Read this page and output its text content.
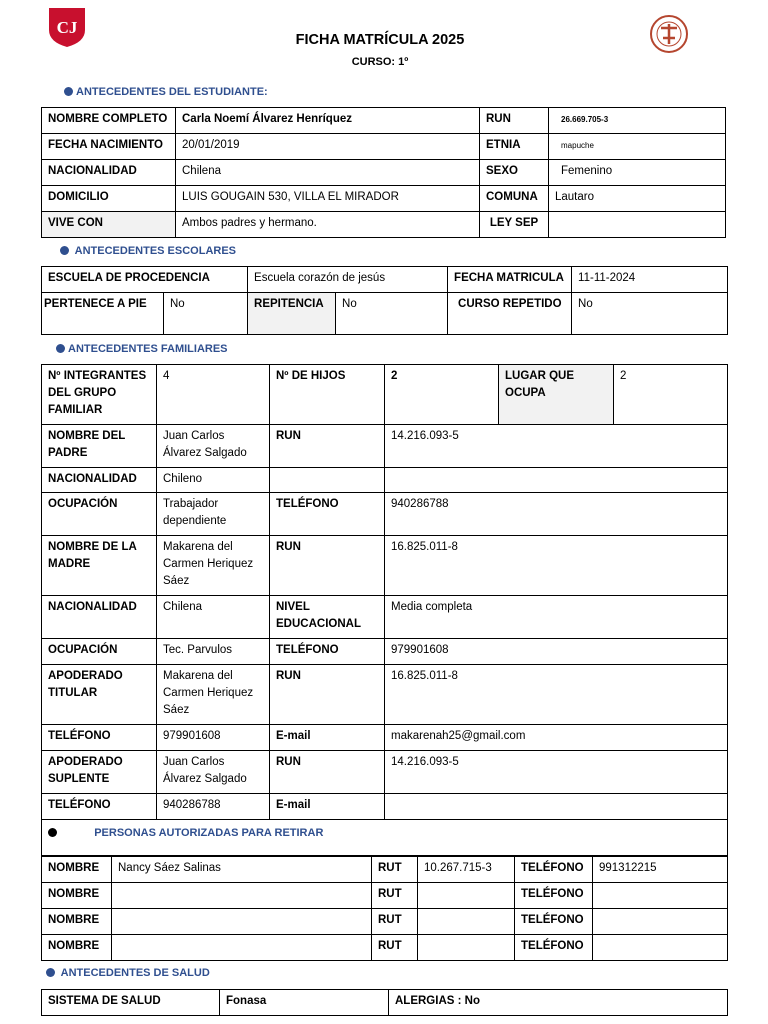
CJ
FICHA MATRÍCULA 2025
CURSO: 1º
ANTECEDENTES DEL ESTUDIANTE:
NOMBRE COMPLETO	Carla Noemí Álvarez Henríquez	RUN	26.669.705-3
FECHA NACIMIENTO	20/01/2019	ETNIA	mapuche
NACIONALIDAD	Chilena	SEXO	Femenino
DOMICILIO	LUIS GOUGAIN 530, VILLA EL MIRADOR	COMUNA	Lautaro
VIVE CON	Ambos padres y hermano.	LEY SEP	
ANTECEDENTES ESCOLARES
ESCUELA DE PROCEDENCIA		Escuela corazón de jesús		FECHA MATRICULA	11-11-2024
PERTENECE A PIE	No	REPITENCIA	No	CURSO REPETIDO	No
ANTECEDENTES FAMILIARES
Nº INTEGRANTES DEL GRUPO FAMILIAR	4	Nº DE HIJOS	2	LUGAR QUE OCUPA	2
NOMBRE DEL PADRE	Juan Carlos Álvarez Salgado	RUN	14.216.093-5		
NACIONALIDAD	Chileno				
OCUPACIÓN	Trabajador dependiente	TELÉFONO	940286788		
NOMBRE DE LA MADRE	Makarena del Carmen Heriquez Sáez	RUN	16.825.011-8		
NACIONALIDAD	Chilena	NIVEL EDUCACIONAL	Media completa		
OCUPACIÓN	Tec. Parvulos	TELÉFONO	979901608		
APODERADO TITULAR	Makarena del Carmen Heriquez Sáez	RUN	16.825.011-8		
TELÉFONO	979901608	E-mail	makarenah25@gmail.com		
APODERADO SUPLENTE	Juan Carlos Álvarez Salgado	RUN	14.216.093-5		
TELÉFONO	940286788	E-mail			
PERSONAS AUTORIZADAS PARA RETIRAR					
NOMBRE	Nancy Sáez Salinas	RUT	10.267.715-3	TELÉFONO	991312215
NOMBRE		RUT		TELÉFONO	
NOMBRE		RUT		TELÉFONO	
NOMBRE		RUT		TELÉFONO	
ANTECEDENTES DE SALUD
SISTEMA DE SALUD	Fonasa	ALERGIAS : No
